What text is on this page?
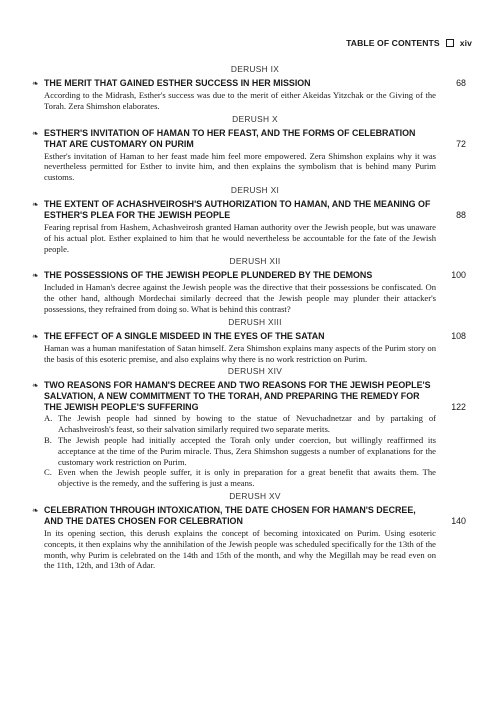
TABLE OF CONTENTS xiv
DERUSH IX
❧ THE MERIT THAT GAINED ESTHER SUCCESS IN HER MISSION	68
According to the Midrash, Esther's success was due to the merit of either Akeidas Yitzchak or the Giving of the Torah. Zera Shimshon elaborates.
DERUSH X
❧ ESTHER'S INVITATION OF HAMAN TO HER FEAST, AND THE FORMS OF CELEBRATION THAT ARE CUSTOMARY ON PURIM	72
Esther's invitation of Haman to her feast made him feel more empowered. Zera Shimshon explains why it was nevertheless permitted for Esther to invite him, and then explains the symbolism that is behind many Purim customs.
DERUSH XI
❧ THE EXTENT OF ACHASHVEIROSH'S AUTHORIZATION TO HAMAN, AND THE MEANING OF ESTHER'S PLEA FOR THE JEWISH PEOPLE	88
Fearing reprisal from Hashem, Achashveirosh granted Haman authority over the Jewish people, but was unaware of his actual plot. Esther explained to him that he would nevertheless be accountable for the fate of the Jewish people.
DERUSH XII
❧ THE POSSESSIONS OF THE JEWISH PEOPLE PLUNDERED BY THE DEMONS	100
Included in Haman's decree against the Jewish people was the directive that their possessions be confiscated. On the other hand, although Mordechai similarly decreed that the Jewish people may plunder their attacker's possessions, they refrained from doing so. What is behind this contrast?
DERUSH XIII
❧ THE EFFECT OF A SINGLE MISDEED IN THE EYES OF THE SATAN	108
Haman was a human manifestation of Satan himself. Zera Shimshon explains many aspects of the Purim story on the basis of this esoteric premise, and also explains why there is no work restriction on Purim.
DERUSH XIV
❧ TWO REASONS FOR HAMAN'S DECREE AND TWO REASONS FOR THE JEWISH PEOPLE'S SALVATION, A NEW COMMITMENT TO THE TORAH, AND PREPARING THE REMEDY FOR THE JEWISH PEOPLE'S SUFFERING	122
A. The Jewish people had sinned by bowing to the statue of Nevuchadnetzar and by partaking of Achashveirosh's feast, so their salvation similarly required two separate merits.
B. The Jewish people had initially accepted the Torah only under coercion, but willingly reaffirmed its acceptance at the time of the Purim miracle. Thus, Zera Shimshon suggests a number of explanations for the customary work restriction on Purim.
C. Even when the Jewish people suffer, it is only in preparation for a great benefit that awaits them. The objective is the remedy, and the suffering is just a means.
DERUSH XV
❧ CELEBRATION THROUGH INTOXICATION, THE DATE CHOSEN FOR HAMAN'S DECREE, AND THE DATES CHOSEN FOR CELEBRATION	140
In its opening section, this derush explains the concept of becoming intoxicated on Purim. Using esoteric concepts, it then explains why the annihilation of the Jewish people was scheduled specifically for the 13th of the month, why Purim is celebrated on the 14th and 15th of the month, and why the Megillah may be read even on the 11th, 12th, and 13th of Adar.
